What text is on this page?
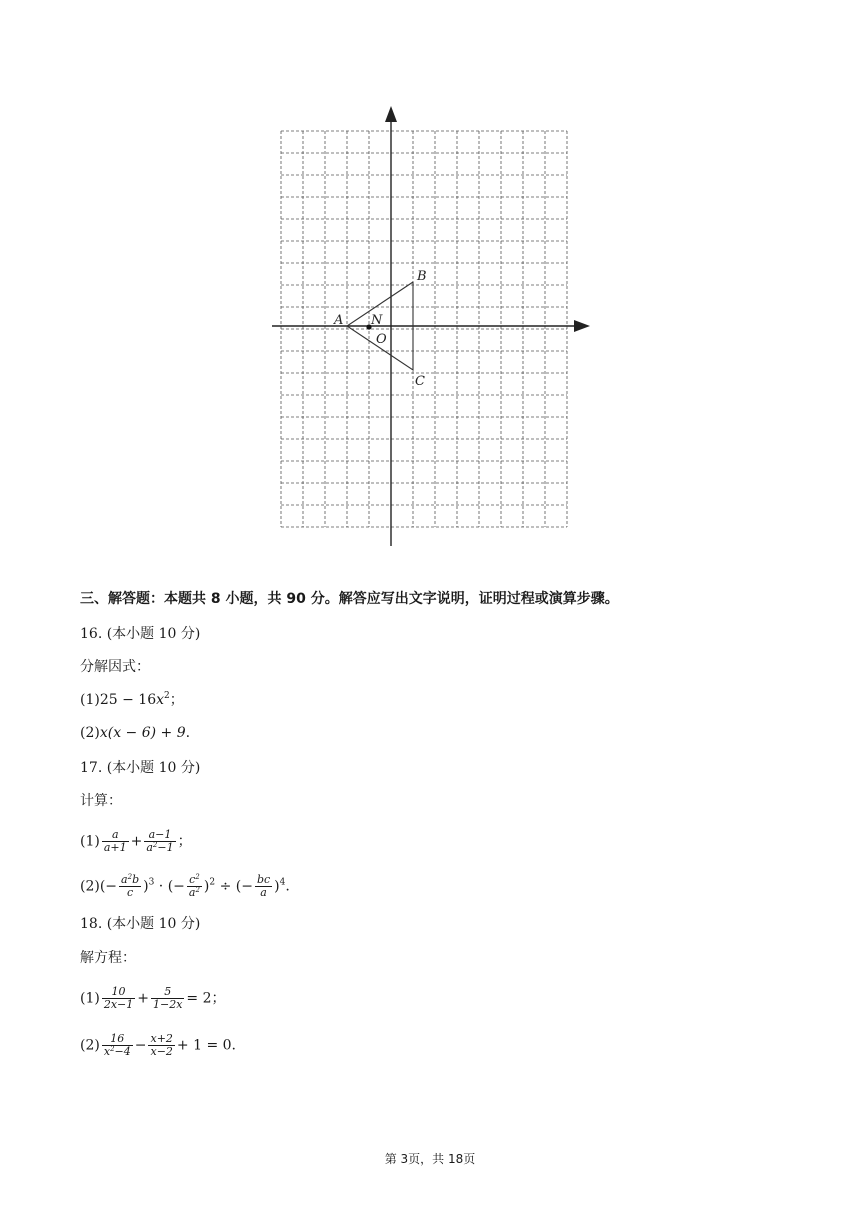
A
B
C
N
O
三、解答题：本题共 8 小题，共 90 分。解答应写出文字说明，证明过程或演算步骤。
16. (本小题 10 分)
分解因式：
$(1)25 - 16x^2$；
(2)x(x − 6) + 9.
17. (本小题 10 分)
计算：
$(1) \frac{a}{a+1} + \frac{a-1}{a^2-1}$ ；
$(2)(- \frac{a^2b}{c} )^3$ · (− $\frac{c^2}{a^2} )^2$ ÷ (− $\frac{bc}{a} )^4$.
18. (本小题 10 分)
解方程：
$(1) \frac{10}{2x-1} + \frac{5}{1-2x} = 2$；
$(2) \frac{16}{x^2-4} - \frac{x+2}{x-2} + 1 = 0$.
第 3页，共 18页
